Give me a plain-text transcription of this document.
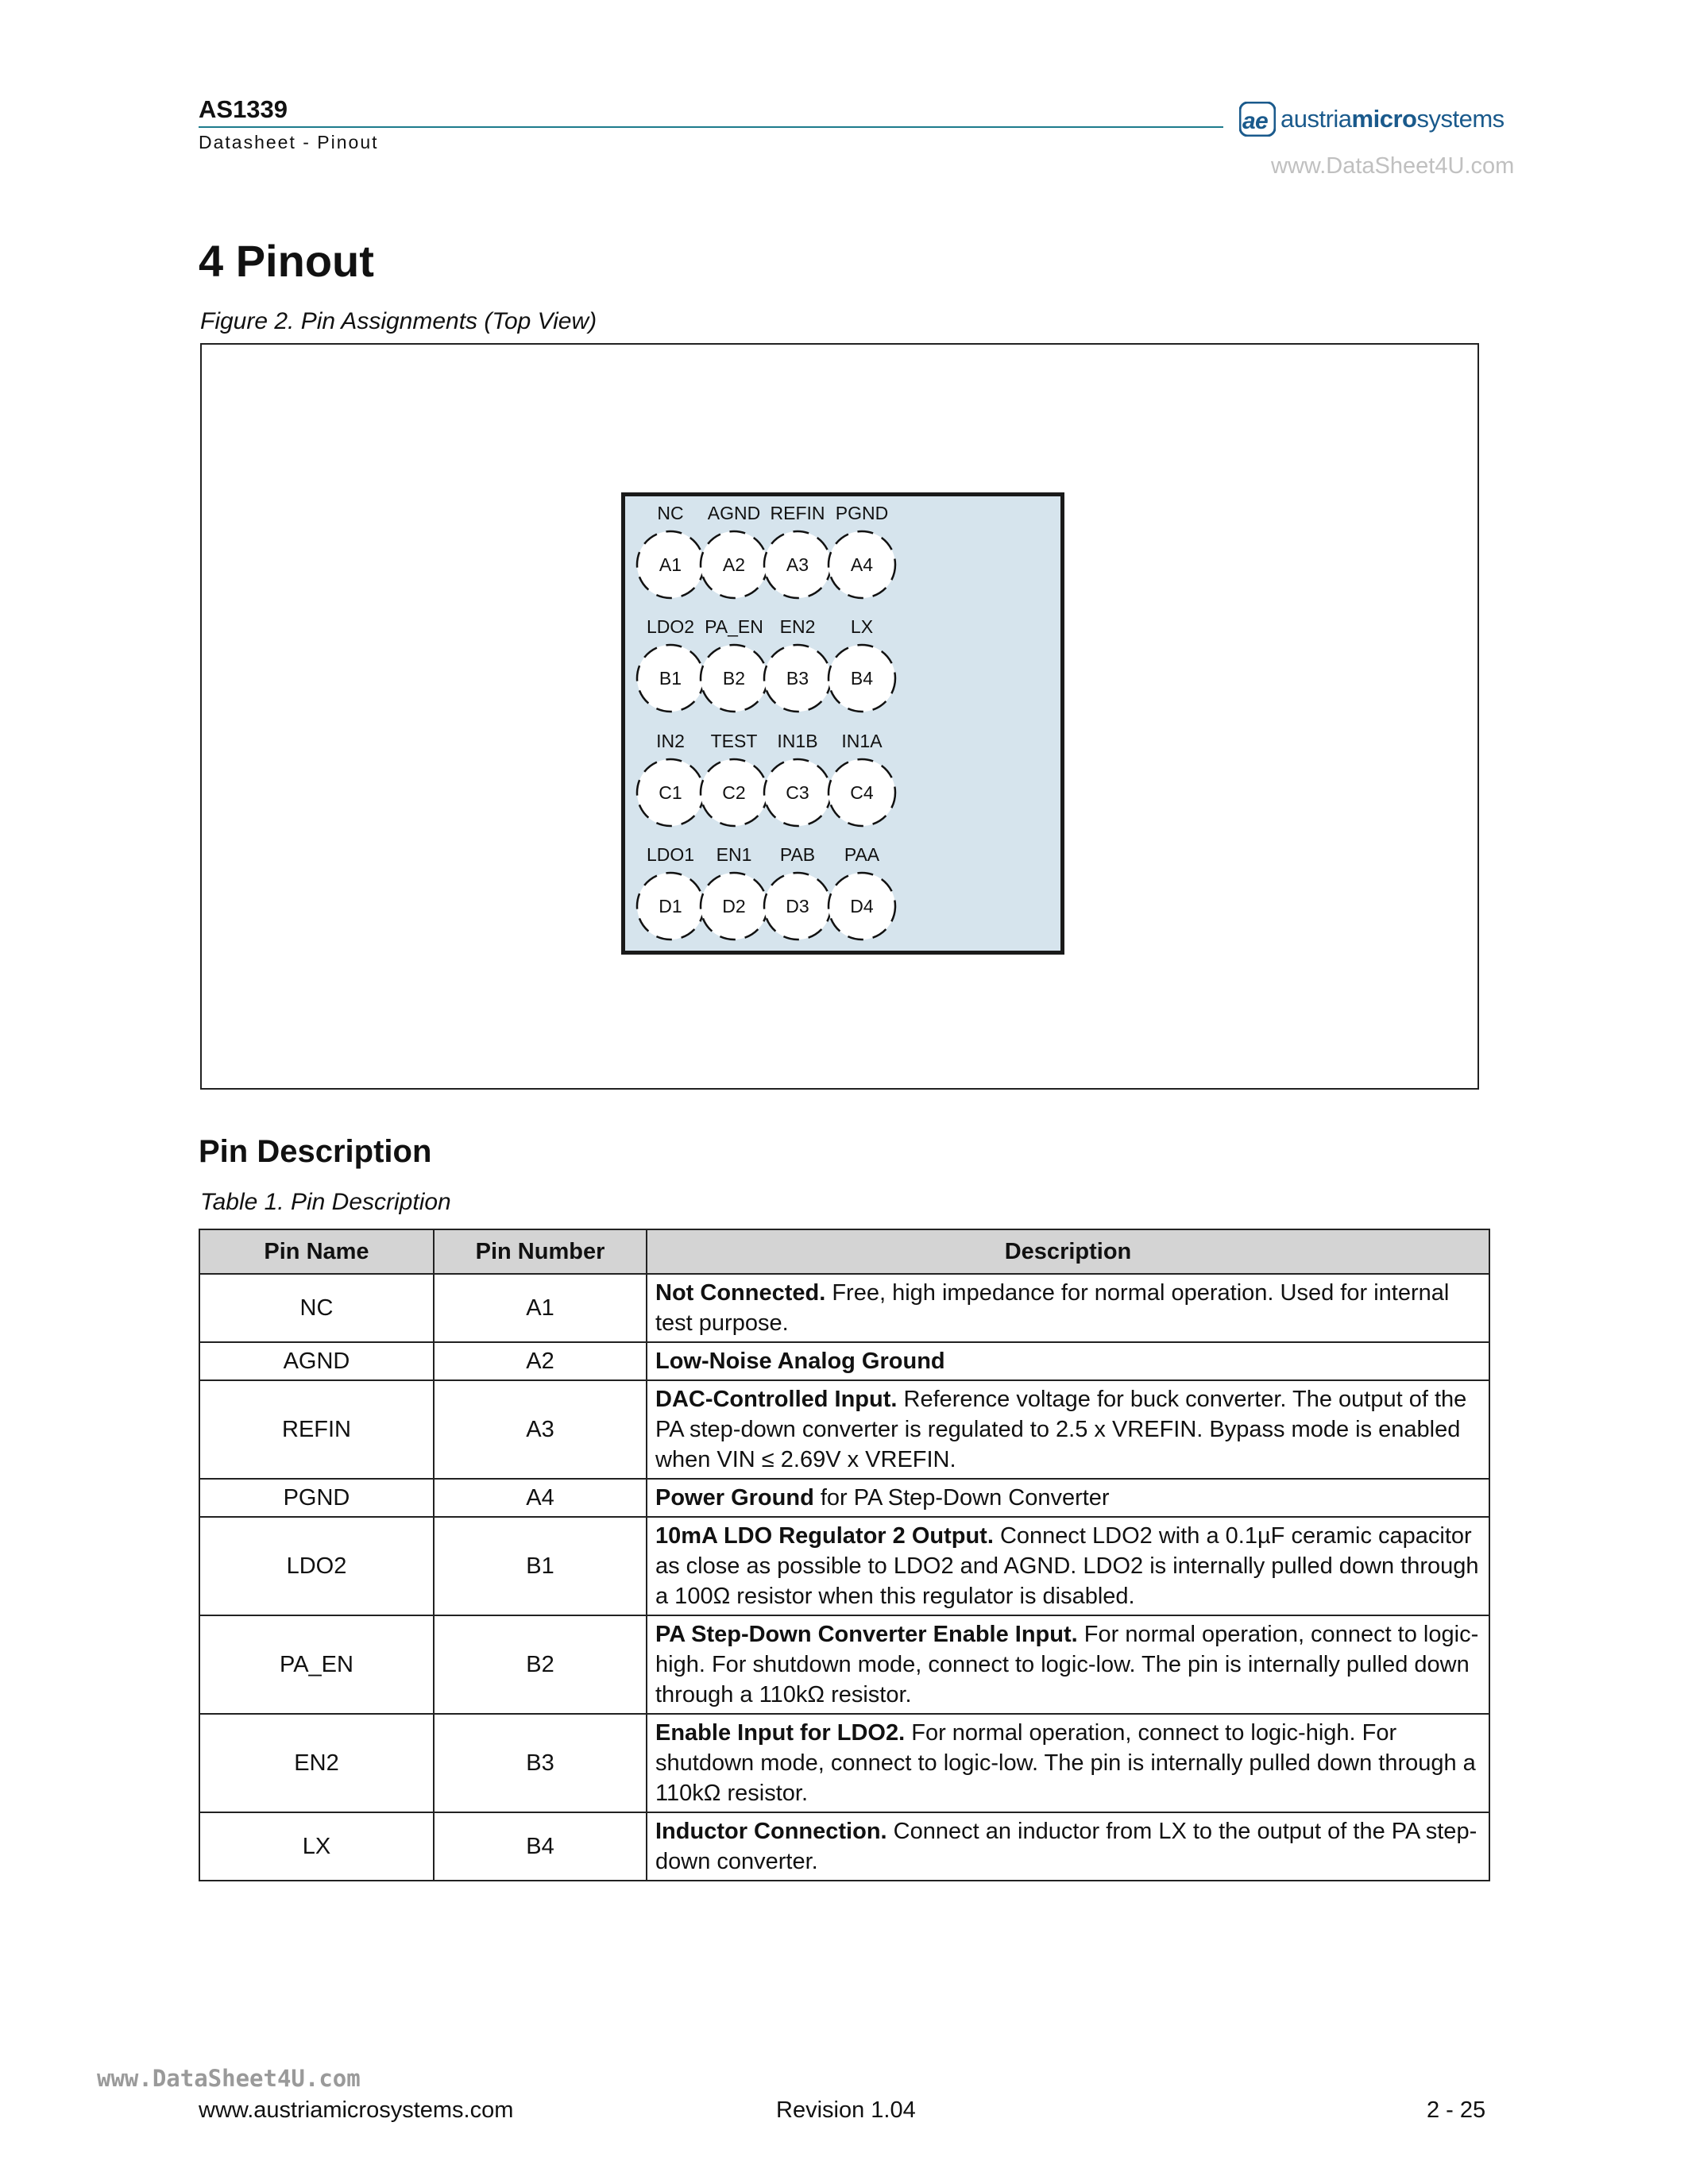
AS1339
Datasheet - Pinout
a e austriamicrosystems
www.DataSheet4U.com
4 Pinout
Figure 2. Pin Assignments (Top View)
NC
A1
AGND
A2
REFIN
A3
PGND
A4
LDO2
B1
PA_EN
B2
EN2
B3
LX
B4
IN2
C1
TEST
C2
IN1B
C3
IN1A
C4
LDO1
D1
EN1
D2
PAB
D3
PAA
D4
Pin Description
Table 1. Pin Description
Pin Name	Pin Number	Description
NC	A1	Not Connected. Free, high impedance for normal operation. Used for internal test purpose.
AGND	A2	Low-Noise Analog Ground
REFIN	A3	DAC-Controlled Input. Reference voltage for buck converter. The output of the PA step-down converter is regulated to 2.5 x VREFIN. Bypass mode is enabled when VIN ≤ 2.69V x VREFIN.
PGND	A4	Power Ground for PA Step-Down Converter
LDO2	B1	10mA LDO Regulator 2 Output. Connect LDO2 with a 0.1µF ceramic capacitor as close as possible to LDO2 and AGND. LDO2 is internally pulled down through a 100Ω resistor when this regulator is disabled.
PA_EN	B2	PA Step-Down Converter Enable Input. For normal operation, connect to logic-high. For shutdown mode, connect to logic-low. The pin is internally pulled down through a 110kΩ resistor.
EN2	B3	Enable Input for LDO2. For normal operation, connect to logic-high. For shutdown mode, connect to logic-low. The pin is internally pulled down through a 110kΩ resistor.
LX	B4	Inductor Connection. Connect an inductor from LX to the output of the PA step-down converter.
www.DataSheet4U.com
www.austriamicrosystems.com	Revision 1.04	2 - 25
